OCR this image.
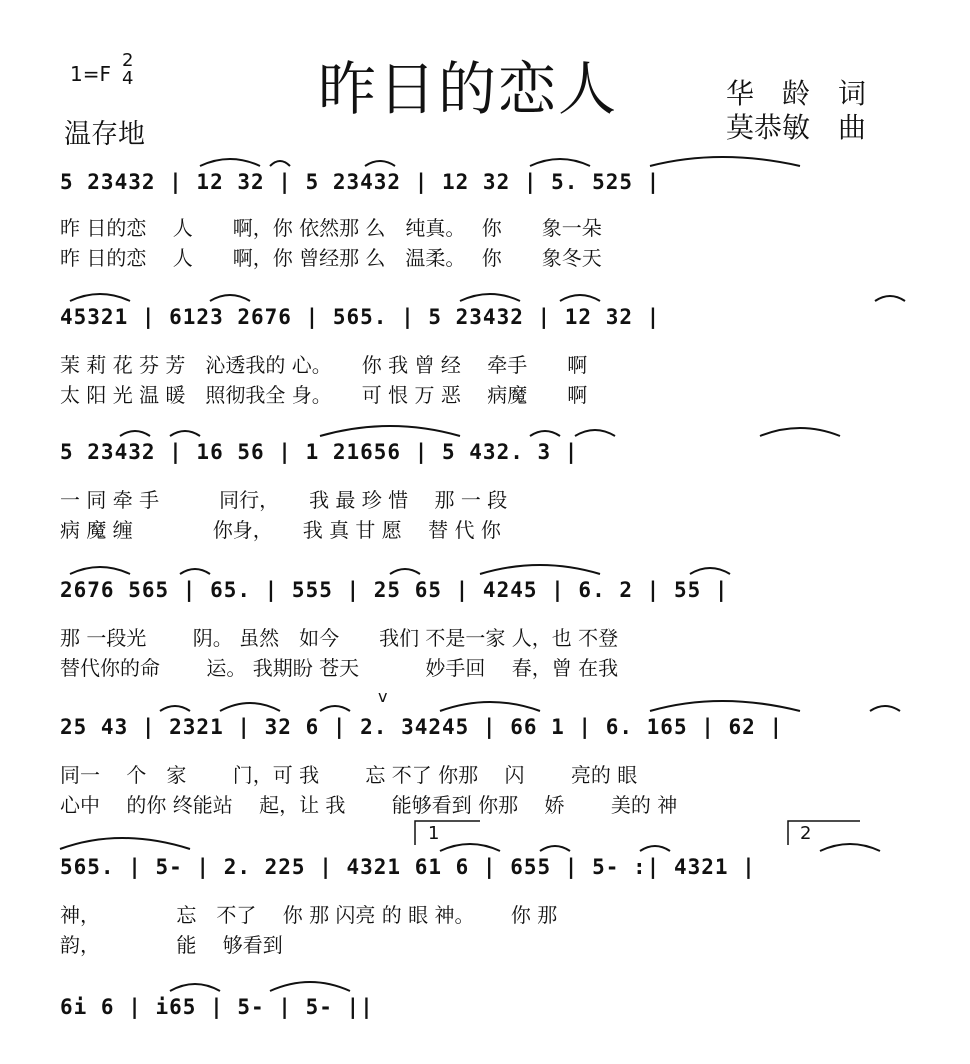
1=F
2
4	昨日的恋人
温存地
华　龄　词
莫恭敏　曲
5 23432 | 12 32 | 5 23432 | 12 32 | 5. 525 |
昨 日的恋　 人　　啊，你 依然那 么　纯真。　 你　　象一朵
昨 日的恋　 人　　啊，你 曾经那 么　温柔。　 你　　象冬天
45321 | 6123 2676 | 565. | 5 23432 | 12 32 |
茉 莉 花 芬 芳　沁透我的 心。　　你 我 曾 经　 牵手　　啊
太 阳 光 温 暖　照彻我全 身。　　可 恨 万 恶　 病魔　　啊
5 23432 | 16 56 | 1 21656 | 5 432. 3 |
一 同 牵 手　　　同行，　　我 最 珍 惜　 那 一 段
病 魔 缠　　　　你身，　　我 真 甘 愿　 替 代 你
2676 565 | 65. | 555 | 25 65 | 4245 | 6. 2 | 55 |
那 一段光　　 阴。 虽然　如今　　我们 不是一家 人，也 不登
替代你的命　　 运。 我期盼 苍天　　　 妙手回　 春，曾 在我
25 43 | 2321 | 32 6 | 2. 34245 | 66 1 | 6. 165 | 62 |
同一　 个　家　　 门，可 我　　 忘 不了 你那　 闪　　 亮的 眼
心中　 的你 终能站　 起，让 我　　 能够看到 你那　 娇　　 美的 神
v
565. | 5- | 2. 225 | 4321 61 6 | 655 | 5- :| 4321 |
神，　　　　 忘　不了　 你 那 闪亮 的 眼 神。　　 你 那
韵，　　　　 能　 够看到
1	2
6i 6 | i65 | 5- | 5- ||
